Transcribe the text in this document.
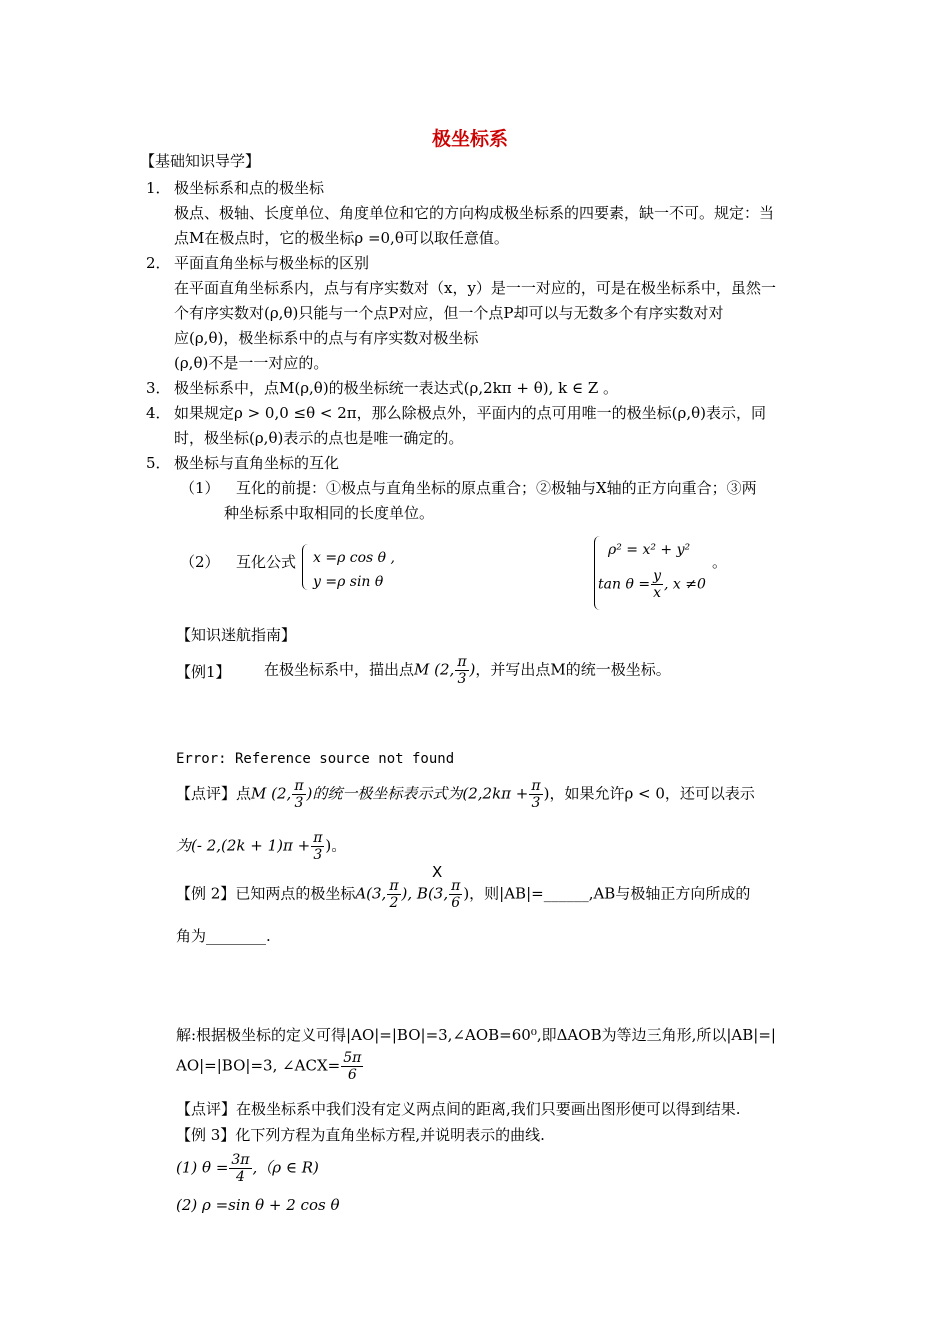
极坐标系
【基础知识导学】
1． 极坐标系和点的极坐标
极点、极轴、长度单位、角度单位和它的方向构成极坐标系的四要素，缺一不可。规定：当
点M在极点时，它的极坐标ρ =0,θ可以取任意值。
2． 平面直角坐标与极坐标的区别
在平面直角坐标系内，点与有序实数对（x，y）是一一对应的，可是在极坐标系中，虽然一
个有序实数对(ρ,θ)只能与一个点P对应，但一个点P却可以与无数多个有序实数对对
应(ρ,θ)，极坐标系中的点与有序实数对极坐标
(ρ,θ)不是一一对应的。
3． 极坐标系中，点M(ρ,θ)的极坐标统一表达式(ρ,2kπ + θ), k ∈ Z 。
4． 如果规定ρ > 0,0 ≤θ < 2π，那么除极点外，平面内的点可用唯一的极坐标(ρ,θ)表示，同
时，极坐标(ρ,θ)表示的点也是唯一确定的。
5． 极坐标与直角坐标的互化
（1） 互化的前提：①极点与直角坐标的原点重合；②极轴与X轴的正方向重合；③两
种坐标系中取相同的长度单位。
（2） 互化公式 x =ρ cos θ ,
y =ρ sin θ
ρ² = x² + y²
$\tan \theta = \frac{y}{x}$ , x ≠0
。
【知识迷航指南】
【例1】 在极坐标系中，描出点M (2, $\frac{\pi}{3}$ )，并写出点M的统一极坐标。
Error: Reference source not found
【点评】点M (2, $\frac{\pi}{3}$ )的统一极坐标表示式为($2,2k\pi + \frac{\pi}{3}$ )，如果允许ρ < 0，还可以表示
为(- $2,(2k + 1)\pi + \frac{\pi}{3}$ )。
X
【例 2】已知两点的极坐标A(3, $\frac{\pi}{2}$ ), B(3, $\frac{\pi}{6}$ )，则|AB|=______,AB与极轴正方向所成的
角为________.
解:根据极坐标的定义可得|AO|=|BO|=3,∠AOB=60⁰,即ΔAOB为等边三角形,所以|AB|=|
AO|=|BO|=3, ∠ACX= $\frac{5\pi}{6}$
【点评】在极坐标系中我们没有定义两点间的距离,我们只要画出图形便可以得到结果.
【例 3】化下列方程为直角坐标方程,并说明表示的曲线.
(1) $\theta = \frac{3\pi}{4} ,(\rho$ ∈ R)
(2) ρ =sin θ + 2 cos θ
